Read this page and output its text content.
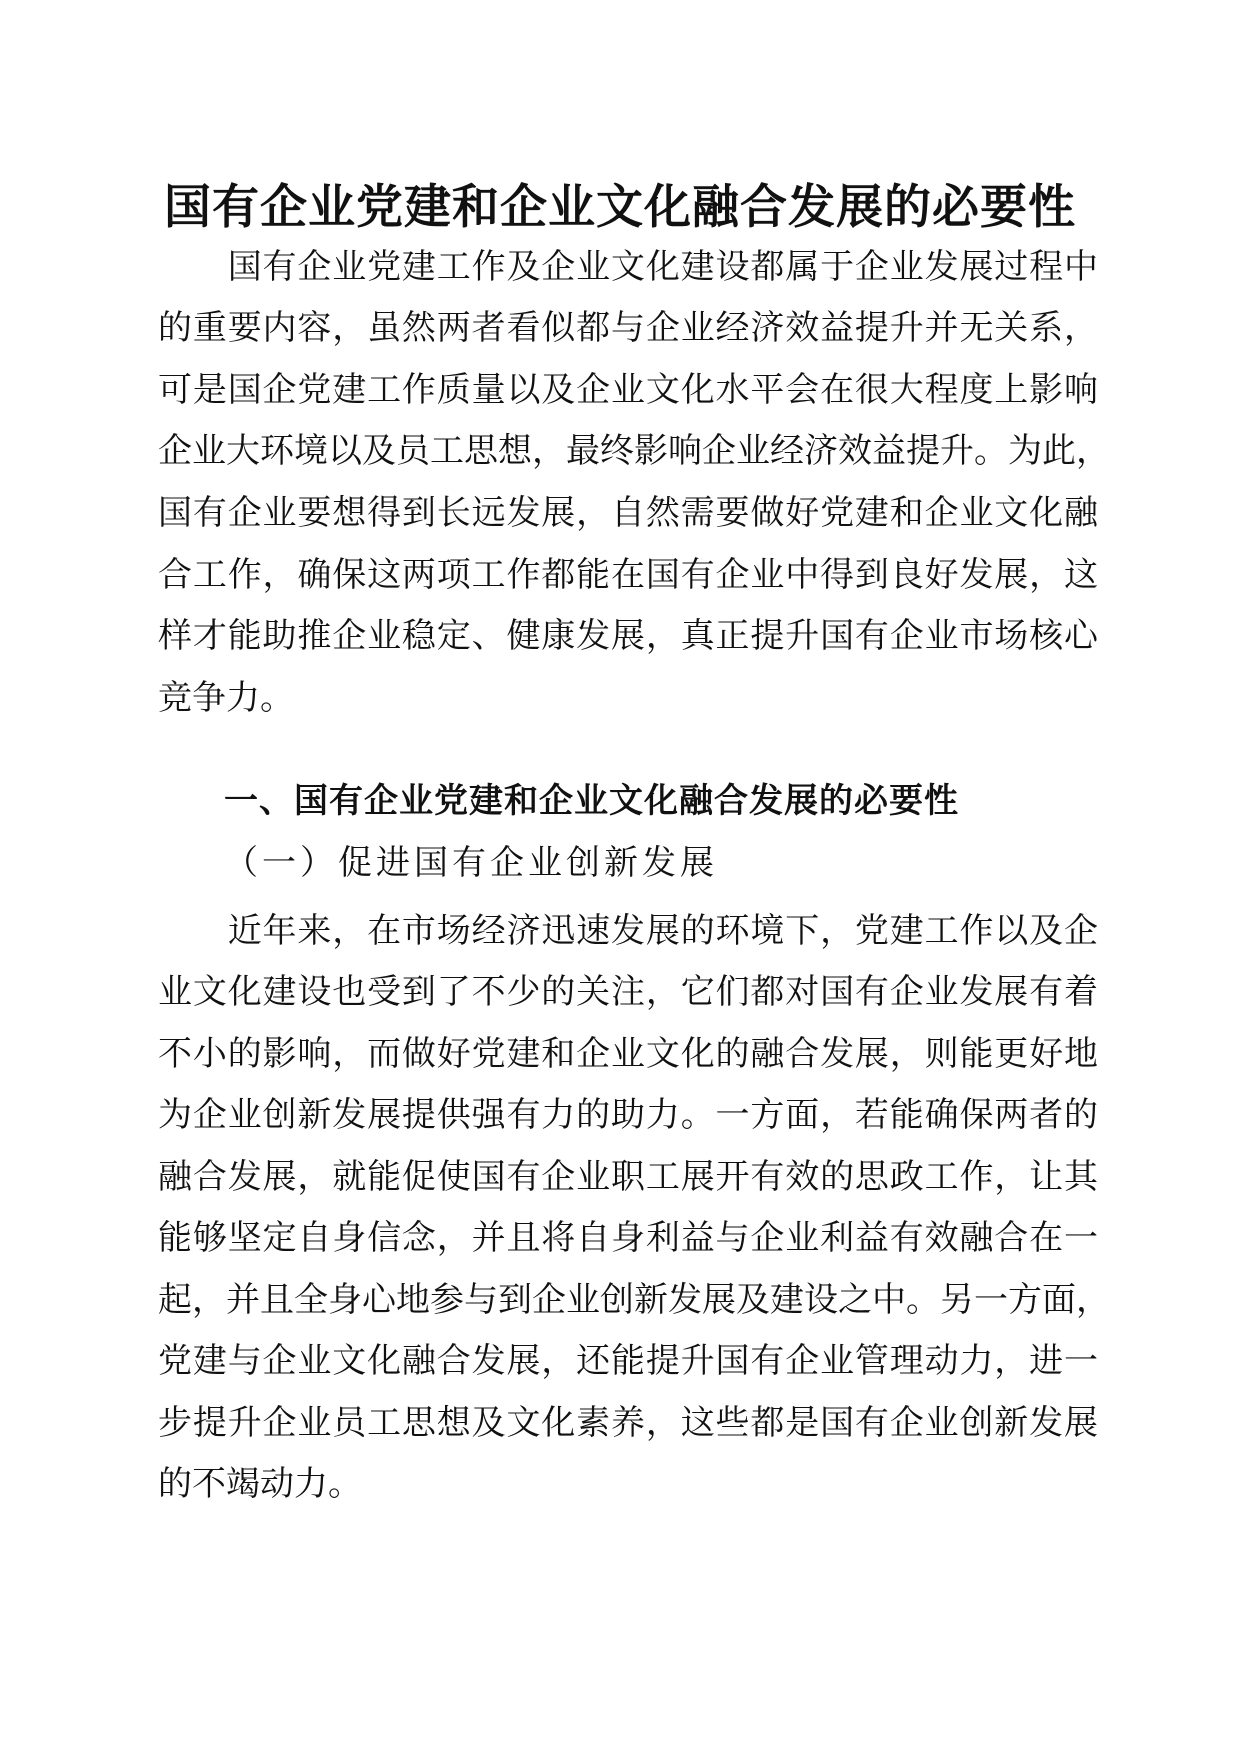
国有企业党建和企业文化融合发展的必要性
　　国有企业党建工作及企业文化建设都属于企业发展过程中
的重要内容，虽然两者看似都与企业经济效益提升并无关系，
可是国企党建工作质量以及企业文化水平会在很大程度上影响
企业大环境以及员工思想，最终影响企业经济效益提升。为此，
国有企业要想得到长远发展，自然需要做好党建和企业文化融
合工作，确保这两项工作都能在国有企业中得到良好发展，这
样才能助推企业稳定、健康发展，真正提升国有企业市场核心
竞争力。
一、国有企业党建和企业文化融合发展的必要性
（一）促进国有企业创新发展
　　近年来，在市场经济迅速发展的环境下，党建工作以及企
业文化建设也受到了不少的关注，它们都对国有企业发展有着
不小的影响，而做好党建和企业文化的融合发展，则能更好地
为企业创新发展提供强有力的助力。一方面，若能确保两者的
融合发展，就能促使国有企业职工展开有效的思政工作，让其
能够坚定自身信念，并且将自身利益与企业利益有效融合在一
起，并且全身心地参与到企业创新发展及建设之中。另一方面，
党建与企业文化融合发展，还能提升国有企业管理动力，进一
步提升企业员工思想及文化素养，这些都是国有企业创新发展
的不竭动力。
